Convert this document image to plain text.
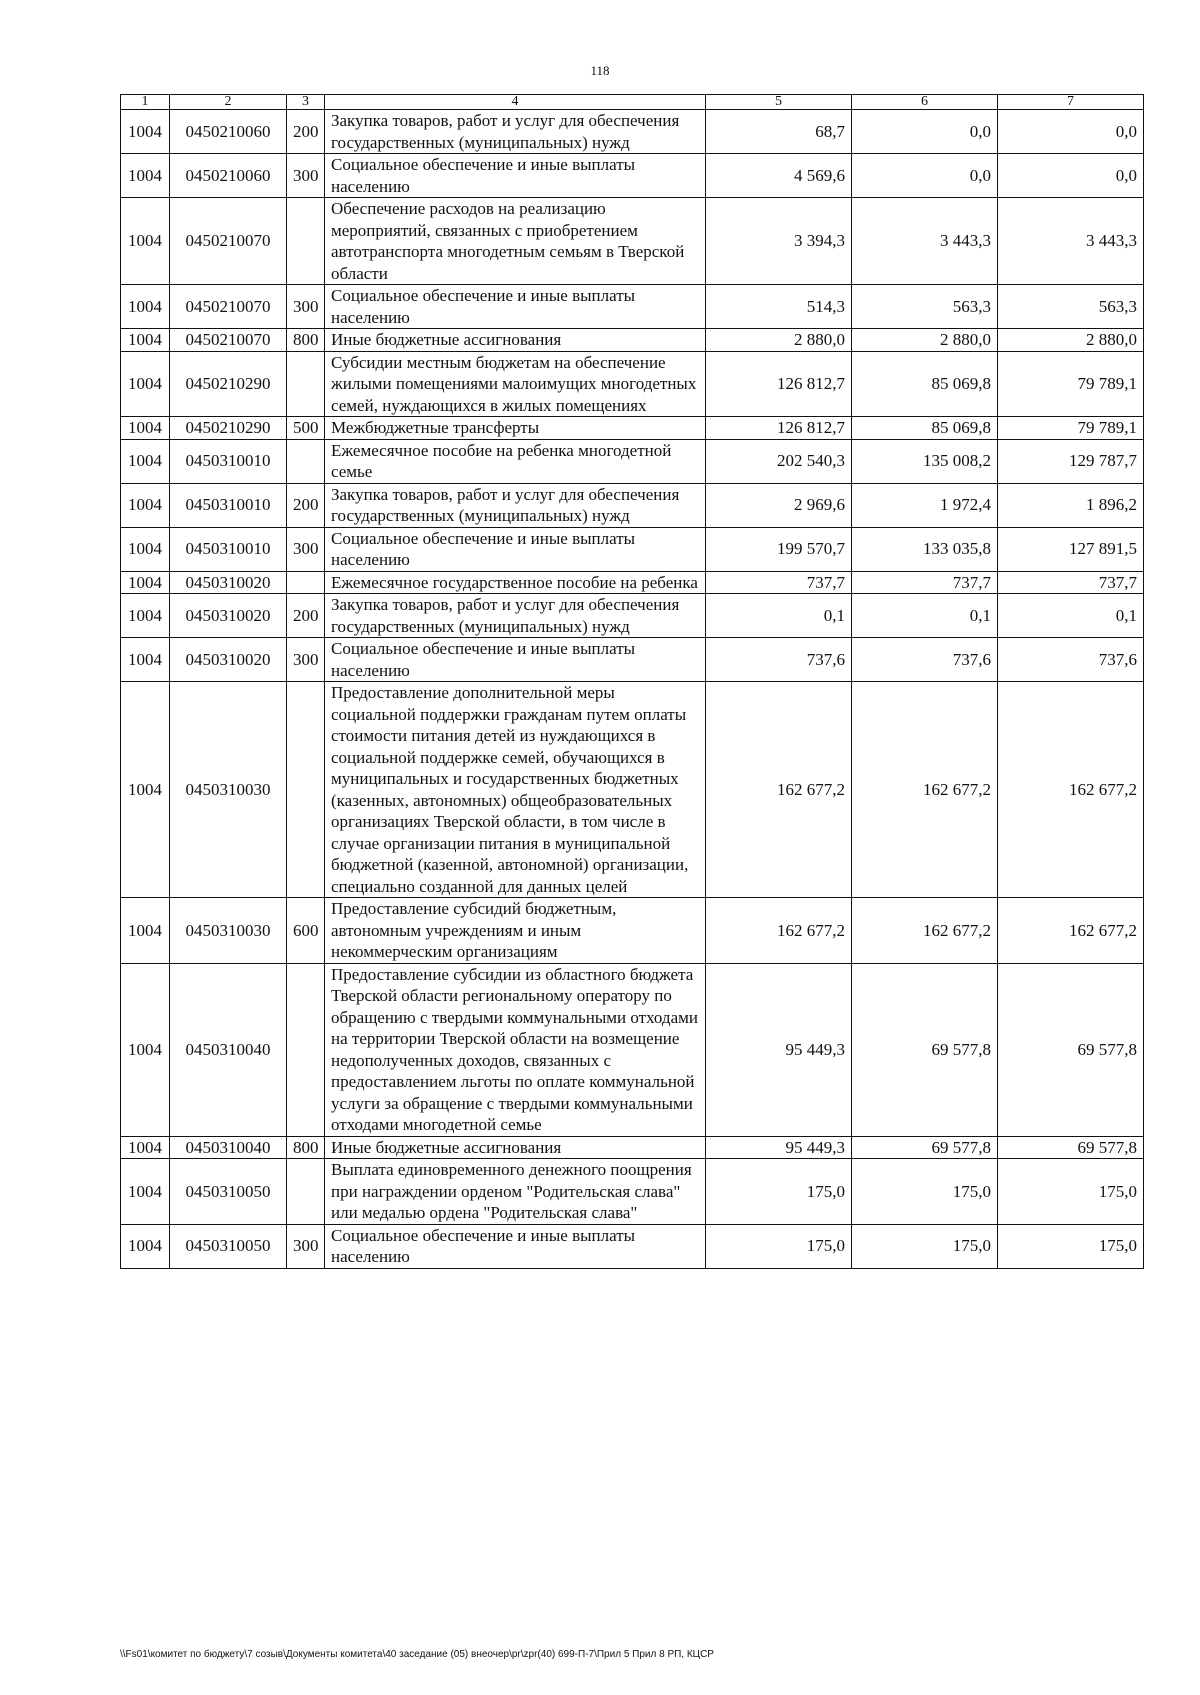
118
1	2	3	4	5	6	7
1004	0450210060	200	Закупка товаров, работ и услуг для обеспечения государственных (муниципальных) нужд	68,7	0,0	0,0
1004	0450210060	300	Социальное обеспечение и иные выплаты населению	4 569,6	0,0	0,0
1004	0450210070		Обеспечение расходов на реализацию мероприятий, связанных с приобретением автотранспорта многодетным семьям в Тверской области	3 394,3	3 443,3	3 443,3
1004	0450210070	300	Социальное обеспечение и иные выплаты населению	514,3	563,3	563,3
1004	0450210070	800	Иные бюджетные ассигнования	2 880,0	2 880,0	2 880,0
1004	0450210290		Субсидии местным бюджетам на обеспечение жилыми помещениями малоимущих многодетных семей, нуждающихся в жилых помещениях	126 812,7	85 069,8	79 789,1
1004	0450210290	500	Межбюджетные трансферты	126 812,7	85 069,8	79 789,1
1004	0450310010		Ежемесячное пособие на ребенка многодетной семье	202 540,3	135 008,2	129 787,7
1004	0450310010	200	Закупка товаров, работ и услуг для обеспечения государственных (муниципальных) нужд	2 969,6	1 972,4	1 896,2
1004	0450310010	300	Социальное обеспечение и иные выплаты населению	199 570,7	133 035,8	127 891,5
1004	0450310020		Ежемесячное государственное пособие на ребенка	737,7	737,7	737,7
1004	0450310020	200	Закупка товаров, работ и услуг для обеспечения государственных (муниципальных) нужд	0,1	0,1	0,1
1004	0450310020	300	Социальное обеспечение и иные выплаты населению	737,6	737,6	737,6
1004	0450310030		Предоставление дополнительной меры социальной поддержки гражданам путем оплаты стоимости питания детей из нуждающихся в социальной поддержке семей, обучающихся в муниципальных и государственных бюджетных (казенных, автономных) общеобразовательных организациях Тверской области, в том числе в случае организации питания в муниципальной бюджетной (казенной, автономной) организации, специально созданной для данных целей	162 677,2	162 677,2	162 677,2
1004	0450310030	600	Предоставление субсидий бюджетным, автономным учреждениям и иным некоммерческим организациям	162 677,2	162 677,2	162 677,2
1004	0450310040		Предоставление субсидии из областного бюджета Тверской области региональному оператору по обращению с твердыми коммунальными отходами на территории Тверской области на возмещение недополученных доходов, связанных с предоставлением льготы по оплате коммунальной услуги за обращение с твердыми коммунальными отходами многодетной семье	95 449,3	69 577,8	69 577,8
1004	0450310040	800	Иные бюджетные ассигнования	95 449,3	69 577,8	69 577,8
1004	0450310050		Выплата единовременного денежного поощрения при награждении орденом "Родительская слава" или медалью ордена "Родительская слава"	175,0	175,0	175,0
1004	0450310050	300	Социальное обеспечение и иные выплаты населению	175,0	175,0	175,0
\\Fs01\комитет по бюджету\7 созыв\Документы комитета\40 заседание (05) внеочер\pr\zpr(40) 699-П-7\Прил 5 Прил 8 РП, КЦСР
